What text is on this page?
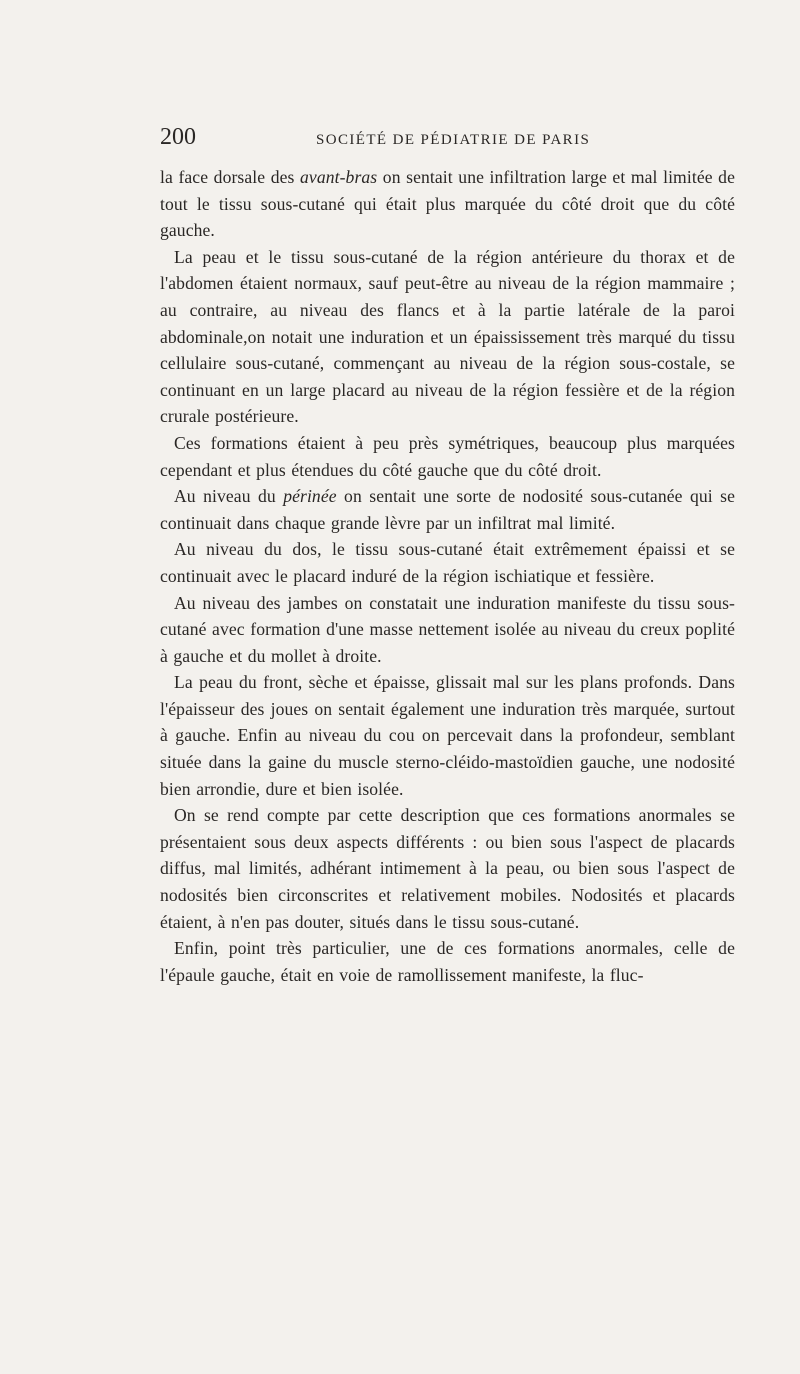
200	SOCIÉTÉ DE PÉDIATRIE DE PARIS

la face dorsale des avant-bras on sentait une infiltration large et mal limitée de tout le tissu sous-cutané qui était plus marquée du côté droit que du côté gauche.

La peau et le tissu sous-cutané de la région antérieure du thorax et de l'abdomen étaient normaux, sauf peut-être au niveau de la région mammaire ; au contraire, au niveau des flancs et à la partie latérale de la paroi abdominale,on notait une induration et un épaississement très marqué du tissu cellulaire sous-cutané, commençant au niveau de la région sous-costale, se continuant en un large placard au niveau de la région fessière et de la région crurale postérieure.

Ces formations étaient à peu près symétriques, beaucoup plus marquées cependant et plus étendues du côté gauche que du côté droit.

Au niveau du périnée on sentait une sorte de nodosité sous-cutanée qui se continuait dans chaque grande lèvre par un infiltrat mal limité.

Au niveau du dos, le tissu sous-cutané était extrêmement épaissi et se continuait avec le placard induré de la région ischiatique et fessière.

Au niveau des jambes on constatait une induration manifeste du tissu sous-cutané avec formation d'une masse nettement isolée au niveau du creux poplité à gauche et du mollet à droite.

La peau du front, sèche et épaisse, glissait mal sur les plans profonds. Dans l'épaisseur des joues on sentait également une induration très marquée, surtout à gauche. Enfin au niveau du cou on percevait dans la profondeur, semblant située dans la gaine du muscle sterno-cléido-mastoïdien gauche, une nodosité bien arrondie, dure et bien isolée.

On se rend compte par cette description que ces formations anormales se présentaient sous deux aspects différents : ou bien sous l'aspect de placards diffus, mal limités, adhérant intimement à la peau, ou bien sous l'aspect de nodosités bien circonscrites et relativement mobiles. Nodosités et placards étaient, à n'en pas douter, situés dans le tissu sous-cutané.

Enfin, point très particulier, une de ces formations anormales, celle de l'épaule gauche, était en voie de ramollissement manifeste, la fluc-
